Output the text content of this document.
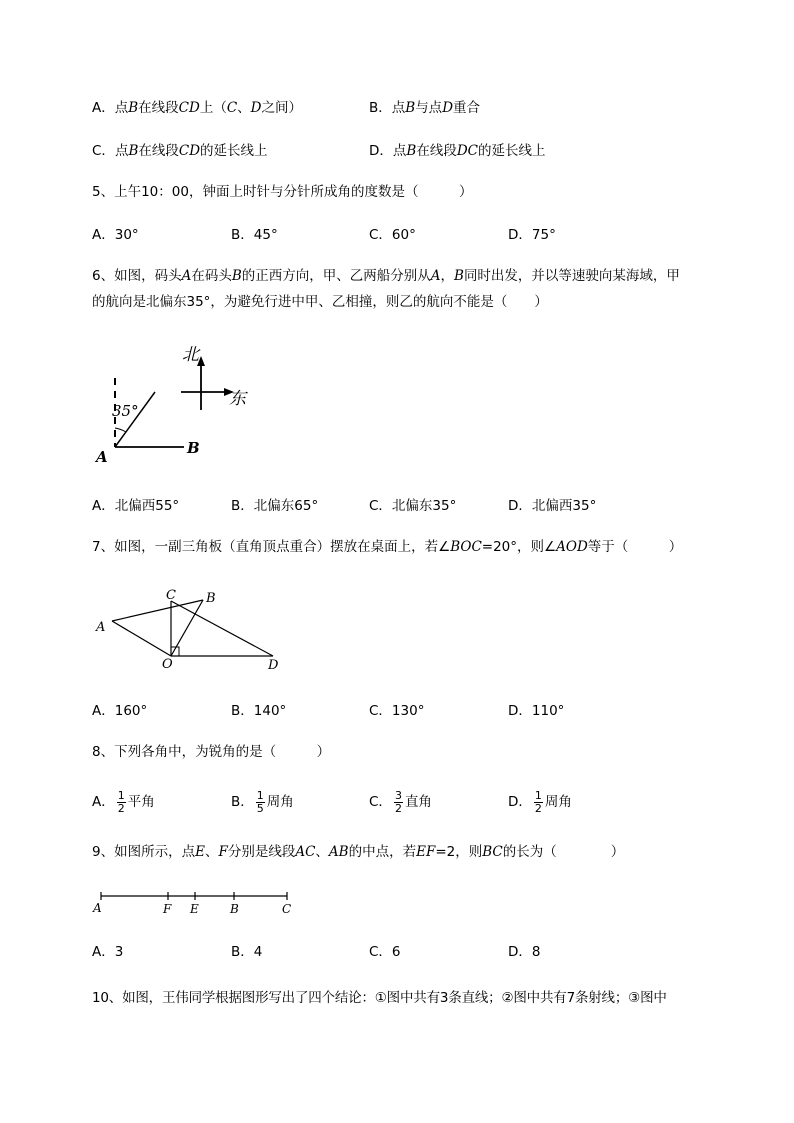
A．点B在线段CD上（C、D之间）	B．点B与点D重合
C．点B在线段CD的延长线上	D．点B在线段DC的延长线上
5、上午10：00，钟面上时针与分针所成角的度数是（　　　）
A．30°	B．45°	C．60°	D．75°
6、如图，码头A在码头B的正西方向，甲、乙两船分别从A，B同时出发，并以等速驶向某海域，甲
的航向是北偏东35°，为避免行进中甲、乙相撞，则乙的航向不能是（　　）
35°
A	B
北
东
A．北偏西55°	B．北偏东65°	C．北偏东35°	D．北偏西35°
7、如图，一副三角板（直角顶点重合）摆放在桌面上，若∠BOC=20°，则∠AOD等于（　　　）
A
C B
O	D
A．160°	B．140°	C．130°	D．110°
8、下列各角中，为锐角的是（　　　）
A． $\frac{1}{2}$ 平角	B． $\frac{1}{5}$ 周角	C． $\frac{3}{2}$ 直角	D． $\frac{1}{2}$ 周角
9、如图所示，点E、F分别是线段AC、AB的中点，若EF=2，则BC的长为（　　　　）
A	F E	B	C
A．3	B．4	C．6	D．8
10、如图，王伟同学根据图形写出了四个结论：①图中共有3条直线；②图中共有7条射线；③图中
